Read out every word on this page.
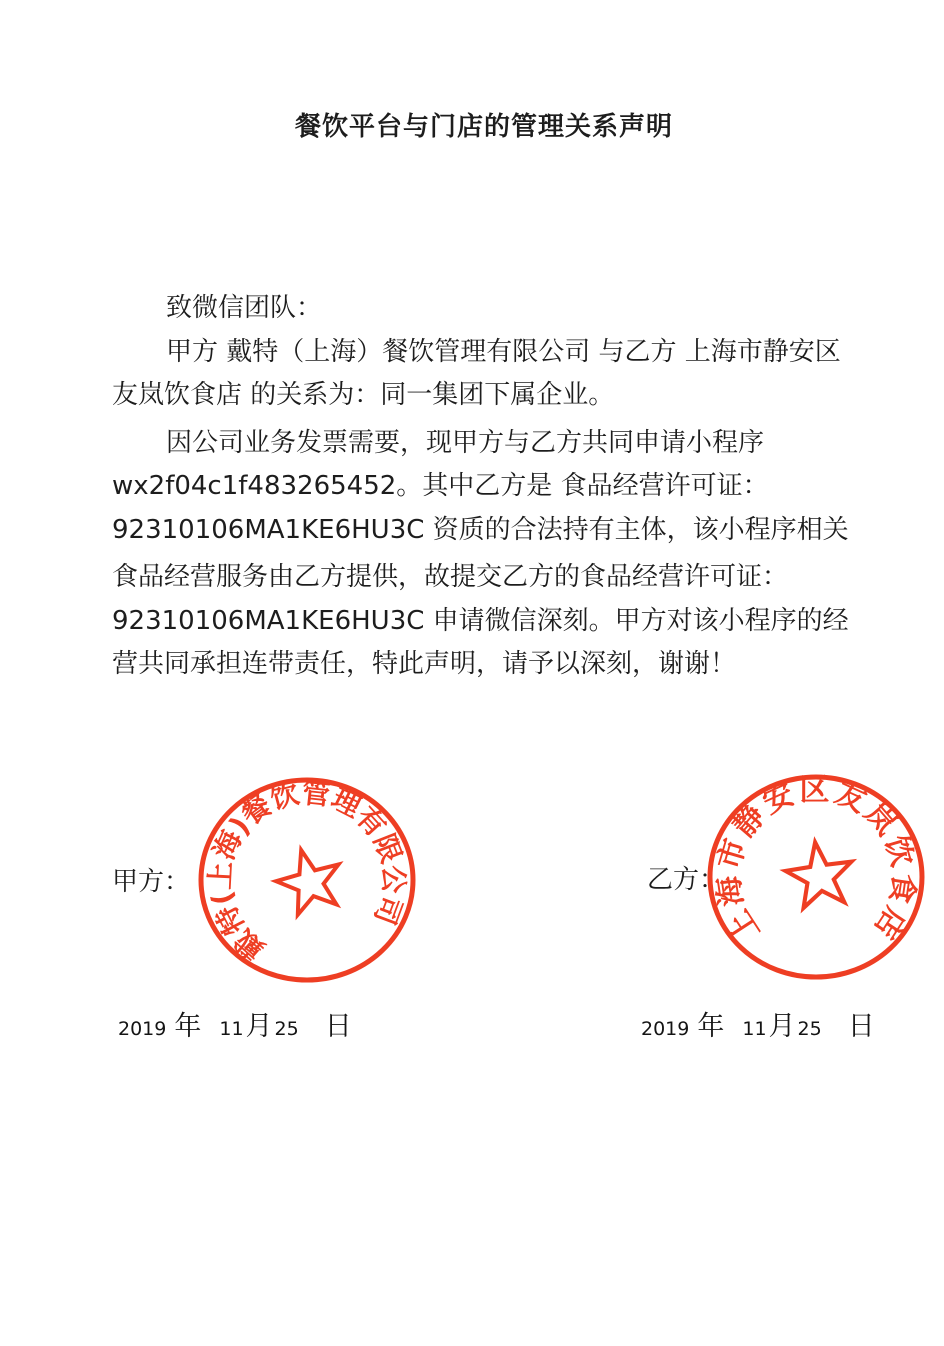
餐饮平台与门店的管理关系声明
致微信团队：
甲方 戴特（上海）餐饮管理有限公司 与乙方 上海市静安区
友岚饮食店 的关系为：同一集团下属企业。
因公司业务发票需要，现甲方与乙方共同申请小程序
wx2f04c1f483265452。其中乙方是 食品经营许可证：
92310106MA1KE6HU3C 资质的合法持有主体，该小程序相关
食品经营服务由乙方提供，故提交乙方的食品经营许可证：
92310106MA1KE6HU3C 申请微信深刻。甲方对该小程序的经
营共同承担连带责任，特此声明，请予以深刻，谢谢！
甲方：	乙方：
戴特(上海)餐饮管理有限公司	上海市静安区友岚饮食店
2019 年 11 月 25 日	2019 年 11 月 25 日
